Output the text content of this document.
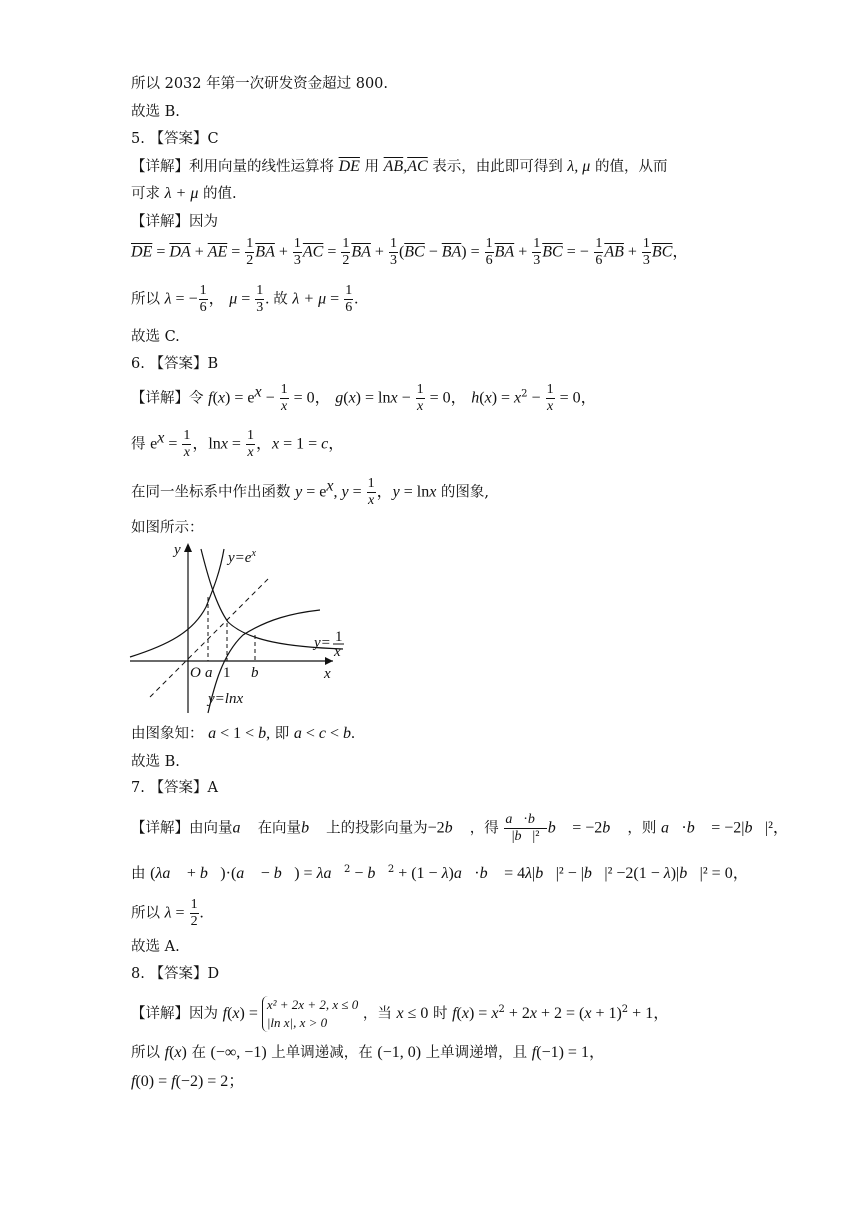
所以 2032 年第一次研发资金超过 800.
故选 B.
5. 【答案】C
【详解】利用向量的线性运算将 $\overline{DE}$ 用 $\overline{AB},\overline{AC}$ 表示，由此即可得到 λ, μ 的值，从而
可求 λ + μ 的值.
【详解】因为
$\overline{DE} = \overline{DA} + \overline{AE} = \frac{1}{2} \overline{BA} + \frac{1}{3} \overline{AC} = \frac{1}{2} \overline{BA} + \frac{1}{3} (\overline{BC} - \overline{BA}) = \frac{1}{6} \overline{BA} + \frac{1}{3} \overline{BC}$ = − $\frac{1}{6} \overline{AB} + \frac{1}{3} \overline{BC}$，
所以 λ = − $\frac{1}{6}$ ， $\mu = \frac{1}{3}$ . 故 $\lambda + \mu = \frac{1}{6}$ .
故选 C.
6. 【答案】B
【详解】令 $f(x) = e^x - \frac{1}{x} = 0$， $g(x) = \ln x - \frac{1}{x} = 0$， $h(x) = x^2 - \frac{1}{x} = 0$，
得 $e^x = \frac{1}{x}$ ，$\ln x = \frac{1}{x}$ ，x = 1 = c，
在同一坐标系中作出函数 $y = e^x$, $y = \frac{1}{x}$ ，y = lnx 的图象,
如图所示：
y
x
O a 1 b
$y=e^x$
y= 1
x
y=lnx
由图象知： a < 1 < b, 即 a < c < b.
故选 B.
7. 【答案】A
【详解】由向量a⃗ 在向量b⃗ 上的投影向量为−2b⃗ ，得 $\frac{a⃗\cdot b⃗}{\text{|b⃗|²}}$ b⃗ = −2b⃗ ，则 a⃗·b⃗ = −2|b⃗|²，
由 (λa⃗ + b⃗)·(a⃗ − b⃗) = λa⃗$^2$ − b⃗$^2$ + (1 − λ)a⃗·b⃗ = 4λ|b⃗|² − |b⃗|² −2(1 − λ)|b⃗|² = 0，
所以 $\lambda = \frac{1}{2}$ .
故选 A.
8. 【答案】D
【详解】因为 f(x) =
x² + 2x + 2, x ≤ 0
|ln x|, x > 0
，当 x ≤ 0 时 $f(x) = x^2 + 2x + 2 = (x + 1)^2 + 1$，
所以 f(x) 在 (−∞, −1) 上单调递减，在 (−1, 0) 上单调递增，且 f(−1) = 1，
f(0) = f(−2) = 2；
